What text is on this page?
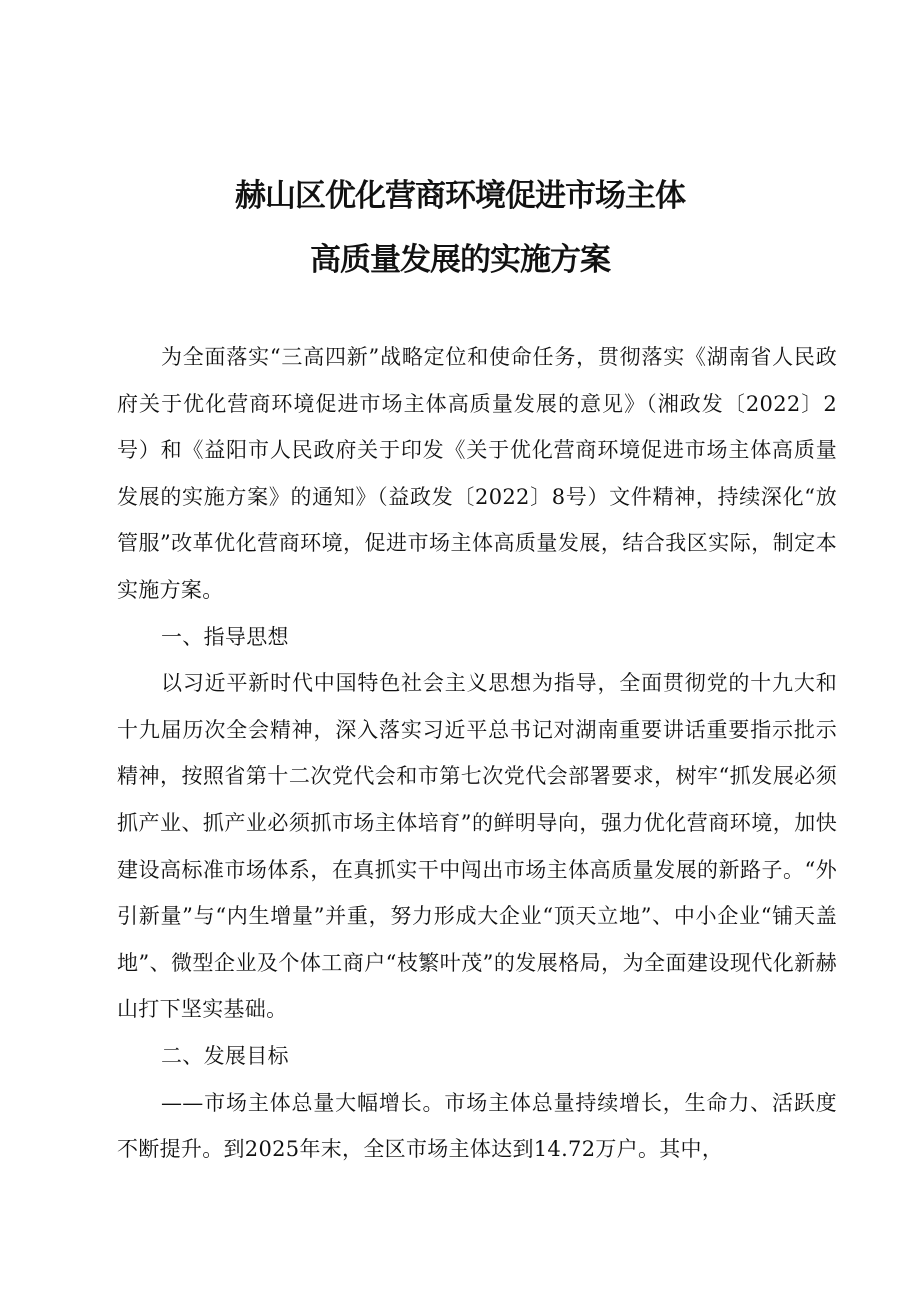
赫山区优化营商环境促进市场主体
高质量发展的实施方案

为全面落实“三高四新”战略定位和使命任务，贯彻落实《湖南省人民政府关于优化营商环境促进市场主体高质量发展的意见》（湘政发〔2022〕2号）和《益阳市人民政府关于印发《关于优化营商环境促进市场主体高质量发展的实施方案》的通知》（益政发〔2022〕8号）文件精神，持续深化“放管服”改革优化营商环境，促进市场主体高质量发展，结合我区实际，制定本实施方案。

一、指导思想

以习近平新时代中国特色社会主义思想为指导，全面贯彻党的十九大和十九届历次全会精神，深入落实习近平总书记对湖南重要讲话重要指示批示精神，按照省第十二次党代会和市第七次党代会部署要求，树牢“抓发展必须抓产业、抓产业必须抓市场主体培育”的鲜明导向，强力优化营商环境，加快建设高标准市场体系，在真抓实干中闯出市场主体高质量发展的新路子。“外引新量”与“内生增量”并重，努力形成大企业“顶天立地”、中小企业“铺天盖地”、微型企业及个体工商户“枝繁叶茂”的发展格局，为全面建设现代化新赫山打下坚实基础。

二、发展目标

——市场主体总量大幅增长。市场主体总量持续增长，生命力、活跃度不断提升。到2025年末，全区市场主体达到14.72万户。其中，
